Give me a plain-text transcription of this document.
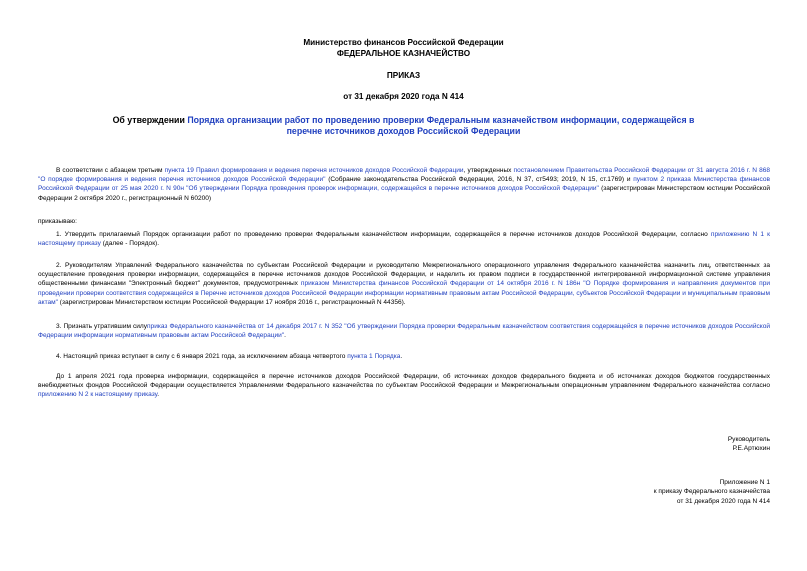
Министерство финансов Российской Федерации
ФЕДЕРАЛЬНОЕ КАЗНАЧЕЙСТВО
ПРИКАЗ
от 31 декабря 2020 года N 414
Об утверждении Порядка организации работ по проведению проверки Федеральным казначейством информации, содержащейся в перечне источников доходов Российской Федерации
В соответствии с абзацем третьим пункта 19 Правил формирования и ведения перечня источников доходов Российской Федерации, утвержденных постановлением Правительства Российской Федерации от 31 августа 2016 г. N 868 "О порядке формирования и ведения перечня источников доходов Российской Федерации" (Собрание законодательства Российской Федерации, 2016, N 37, ст5493; 2019, N 15, ст.1769) и пунктом 2 приказа Министерства финансов Российской Федерации от 25 мая 2020 г. N 90н "Об утверждении Порядка проведения проверок информации, содержащейся в перечне источников доходов Российской Федерации" (зарегистрирован Министерством юстиции Российской Федерации 2 октября 2020 г., регистрационный N 60200)
приказываю:
1. Утвердить прилагаемый Порядок организации работ по проведению проверки Федеральным казначейством информации, содержащейся в перечне источников доходов Российской Федерации, согласно приложению N 1 к настоящему приказу (далее - Порядок).
2. Руководителям Управлений Федерального казначейства по субъектам Российской Федерации и руководителю Межрегионального операционного управления Федерального казначейства назначить лиц, ответственных за осуществление проведения проверки информации, содержащейся в перечне источников доходов Российской Федерации, и наделить их правом подписи в государственной интегрированной информационной системе управления общественными финансами "Электронный бюджет" документов, предусмотренных приказом Министерства финансов Российской Федерации от 14 октября 2016 г. N 186н "О Порядке формирования и направления документов при проведении проверки соответствия содержащейся в Перечне источников доходов Российской Федерации информации нормативным правовым актам Российской Федерации, субъектов Российской Федерации и муниципальным правовым актам" (зарегистрирован Министерством юстиции Российской Федерации 17 ноября 2016 г., регистрационный N 44356).
3. Признать утратившим силуприказ Федерального казначейства от 14 декабря 2017 г. N 352 "Об утверждении Порядка проверки Федеральным казначейством соответствия содержащейся в перечне источников доходов Российской Федерации информации нормативным правовым актам Российской Федерации".
4. Настоящий приказ вступает в силу с 6 января 2021 года, за исключением абзаца четвертого пункта 1 Порядка.
До 1 апреля 2021 года проверка информации, содержащейся в перечне источников доходов Российской Федерации, об источниках доходов федерального бюджета и об источниках доходов бюджетов государственных внебюджетных фондов Российской Федерации осуществляется Управлениями Федерального казначейства по субъектам Российской Федерации и Межрегиональным операционным управлением Федерального казначейства согласно приложению N 2 к настоящему приказу.
Руководитель
Р.Е.Артюхин
Приложение N 1
к приказу Федерального казначейства
от 31 декабря 2020 года N 414
